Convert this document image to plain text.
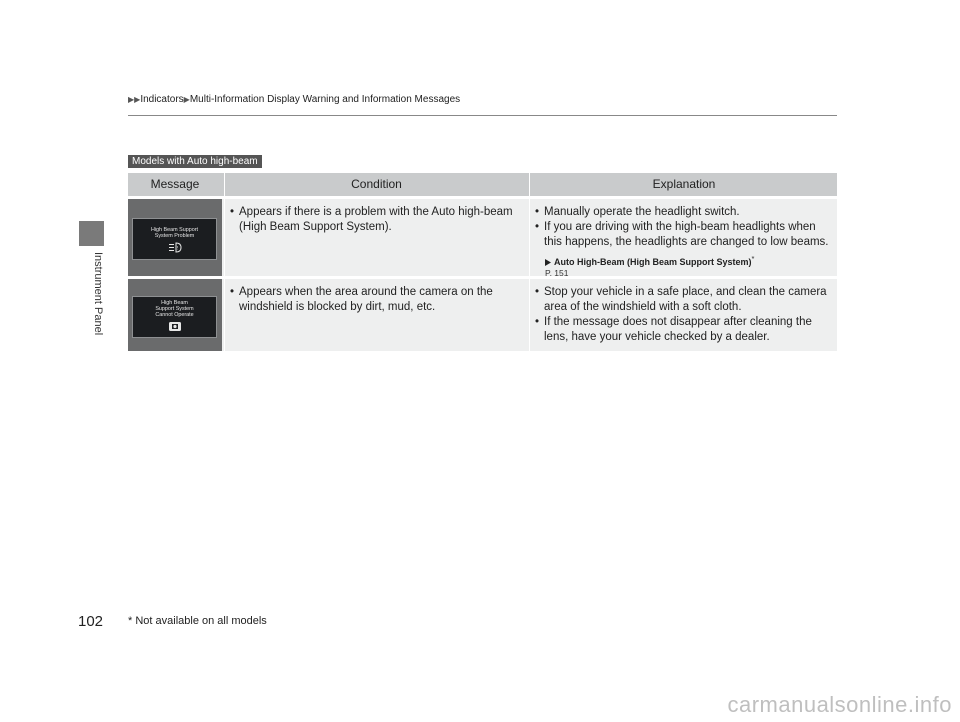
Instrument Panel
▶▶Indicators▶Multi-Information Display Warning and Information Messages
Models with Auto high-beam
Message	Condition	Explanation
High Beam Support
System Problem
!
• Appears if there is a problem with the Auto high-beam (High Beam Support System).
• Manually operate the headlight switch.
• If you are driving with the high-beam headlights when this happens, the headlights are changed to low beams.
Auto High-Beam (High Beam Support System)*
P. 151
High Beam
Support System
Cannot Operate
• Appears when the area around the camera on the windshield is blocked by dirt, mud, etc.
• Stop your vehicle in a safe place, and clean the camera area of the windshield with a soft cloth.
• If the message does not disappear after cleaning the lens, have your vehicle checked by a dealer.
102 * Not available on all models
carmanualsonline.info
